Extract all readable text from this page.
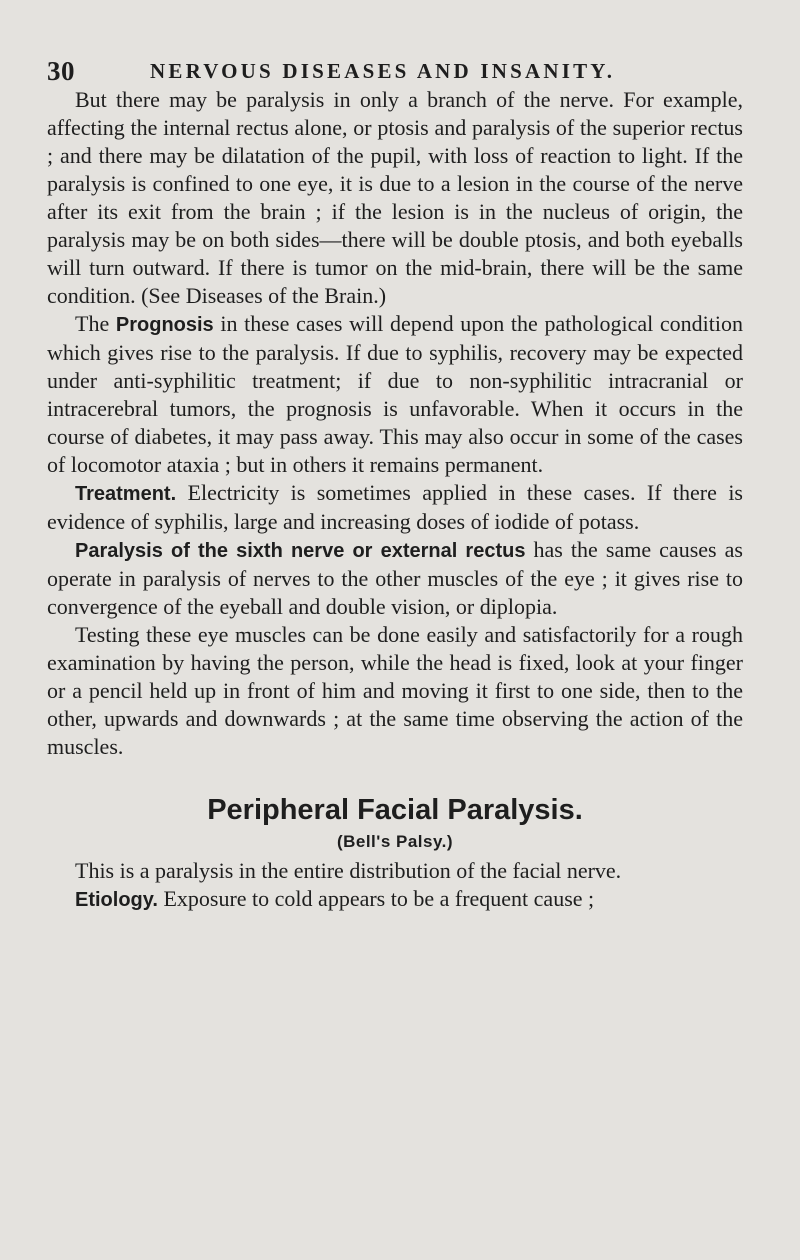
30	NERVOUS DISEASES AND INSANITY.

But there may be paralysis in only a branch of the nerve. For example, affecting the internal rectus alone, or ptosis and paralysis of the superior rectus ; and there may be dilatation of the pupil, with loss of reaction to light. If the paralysis is confined to one eye, it is due to a lesion in the course of the nerve after its exit from the brain ; if the lesion is in the nucleus of origin, the paralysis may be on both sides—there will be double ptosis, and both eyeballs will turn outward. If there is tumor on the mid-brain, there will be the same condition. (See Diseases of the Brain.)

The Prognosis in these cases will depend upon the pathological condition which gives rise to the paralysis. If due to syphilis, recovery may be expected under anti-syphilitic treatment; if due to non-syphilitic intracranial or intracerebral tumors, the prognosis is unfavorable. When it occurs in the course of diabetes, it may pass away. This may also occur in some of the cases of locomotor ataxia ; but in others it remains permanent.

Treatment. Electricity is sometimes applied in these cases. If there is evidence of syphilis, large and increasing doses of iodide of potass.

Paralysis of the sixth nerve or external rectus has the same causes as operate in paralysis of nerves to the other muscles of the eye ; it gives rise to convergence of the eyeball and double vision, or diplopia.

Testing these eye muscles can be done easily and satisfactorily for a rough examination by having the person, while the head is fixed, look at your finger or a pencil held up in front of him and moving it first to one side, then to the other, upwards and downwards ; at the same time observing the action of the muscles.

Peripheral Facial Paralysis.
(Bell's Palsy.)

This is a paralysis in the entire distribution of the facial nerve.

Etiology. Exposure to cold appears to be a frequent cause ;
